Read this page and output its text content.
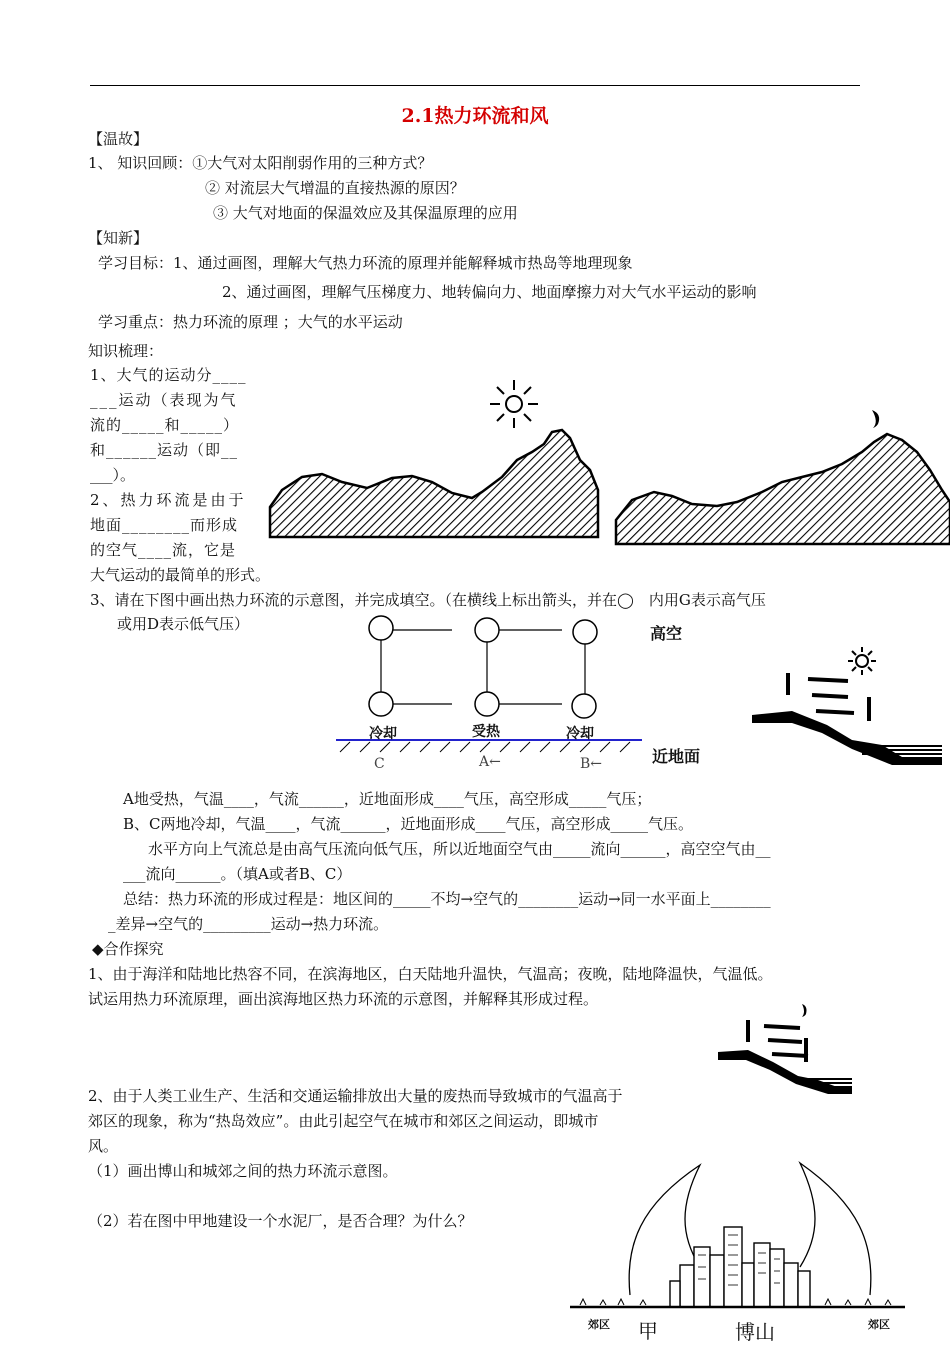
2.1热力环流和风
【温故】
1、 知识回顾：①大气对太阳削弱作用的三种方式？
② 对流层大气增温的直接热源的原因？
③ 大气对地面的保温效应及其保温原理的应用
【知新】
学习目标：1、通过画图，理解大气热力环流的原理并能解释城市热岛等地理现象
2、通过画图，理解气压梯度力、地转偏向力、地面摩擦力对大气水平运动的影响
学习重点：热力环流的原理 ；大气的水平运动
知识梳理：
1、大气的运动分____
___运动（表现为气
流的_____和_____）
和______运动（即__
___）。
2、热力环流是由于
地面________而形成
的空气____流，它是
大气运动的最简单的形式。
3、请在下图中画出热力环流的示意图，并完成填空。（在横线上标出箭头，并在◯　内用G表示高气压
或用D表示低气压）	高空
近地面
冷却	受热	冷却
C	A←	B←
A地受热，气温____，气流______，近地面形成____气压，高空形成_____气压；
B、C两地冷却，气温____，气流______，近地面形成____气压，高空形成_____气压。
水平方向上气流总是由高气压流向低气压，所以近地面空气由_____流向______，高空空气由__
___流向______。（填A或者B、C）
总结：热力环流的形成过程是：地区间的_____不均→空气的________运动→同一水平面上________
_差异→空气的_________运动→热力环流。
◆合作探究
1、由于海洋和陆地比热容不同，在滨海地区，白天陆地升温快，气温高；夜晚，陆地降温快，气温低。
试运用热力环流原理，画出滨海地区热力环流的示意图，并解释其形成过程。
2、由于人类工业生产、生活和交通运输排放出大量的废热而导致城市的气温高于
郊区的现象，称为“热岛效应”。由此引起空气在城市和郊区之间运动，即城市
风。
（1）画出博山和城郊之间的热力环流示意图。
（2）若在图中甲地建设一个水泥厂，是否合理？为什么？
郊区 甲	博山	郊区
